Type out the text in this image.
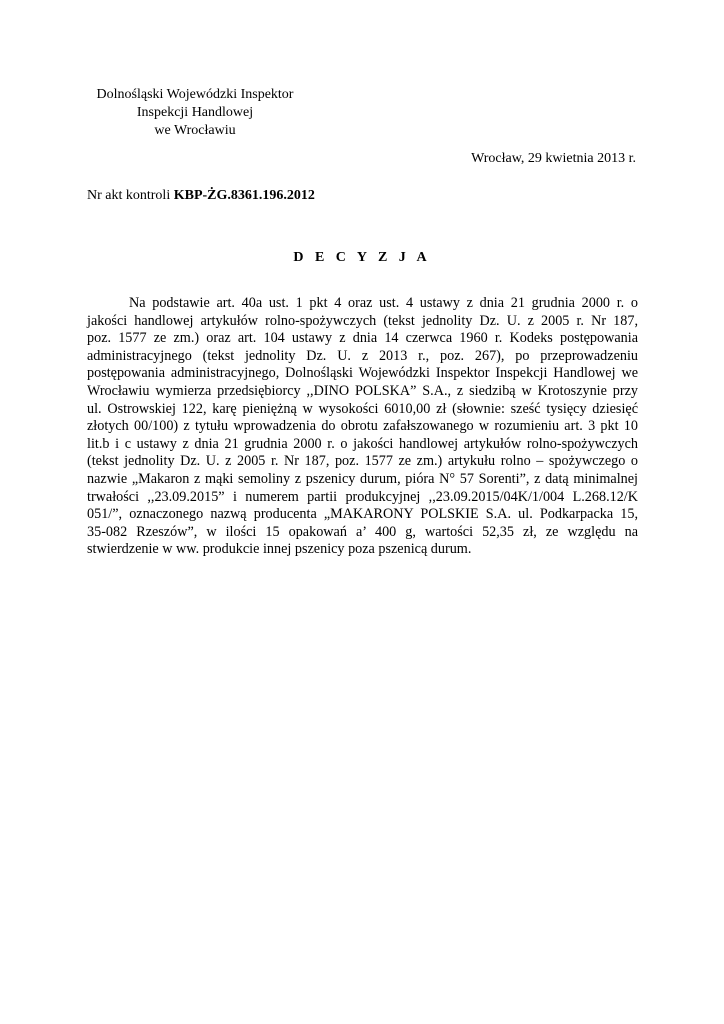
Dolnośląski Wojewódzki Inspektor
Inspekcji Handlowej
we Wrocławiu
Wrocław, 29 kwietnia 2013 r.
Nr akt kontroli KBP-ŻG.8361.196.2012
D E C Y Z J A
Na podstawie art. 40a ust. 1 pkt 4 oraz ust. 4 ustawy z dnia 21 grudnia 2000 r. o
jakości handlowej artykułów rolno-spożywczych (tekst jednolity Dz. U. z 2005 r. Nr 187,
poz. 1577 ze zm.) oraz art. 104 ustawy z dnia 14 czerwca 1960 r. Kodeks postępowania
administracyjnego (tekst jednolity Dz. U. z 2013 r., poz. 267), po przeprowadzeniu
postępowania administracyjnego, Dolnośląski Wojewódzki Inspektor Inspekcji Handlowej we
Wrocławiu wymierza przedsiębiorcy ,,DINO POLSKA” S.A., z siedzibą w Krotoszynie przy
ul. Ostrowskiej 122, karę pieniężną w wysokości 6010,00 zł (słownie: sześć tysięcy dziesięć
złotych 00/100) z tytułu wprowadzenia do obrotu zafałszowanego w rozumieniu art. 3 pkt 10
lit.b i c ustawy z dnia 21 grudnia 2000 r. o jakości handlowej artykułów rolno-spożywczych
(tekst jednolity Dz. U. z 2005 r. Nr 187, poz. 1577 ze zm.) artykułu rolno – spożywczego o
nazwie „Makaron z mąki semoliny z pszenicy durum, pióra N° 57 Sorenti”, z datą minimalnej
trwałości ,,23.09.2015” i numerem partii produkcyjnej ,,23.09.2015/04K/1/004 L.268.12/K
051/”, oznaczonego nazwą producenta „MAKARONY POLSKIE S.A. ul. Podkarpacka 15,
35-082 Rzeszów”, w ilości 15 opakowań a’ 400 g, wartości 52,35 zł, ze względu na
stwierdzenie w ww. produkcie innej pszenicy poza pszenicą durum.
